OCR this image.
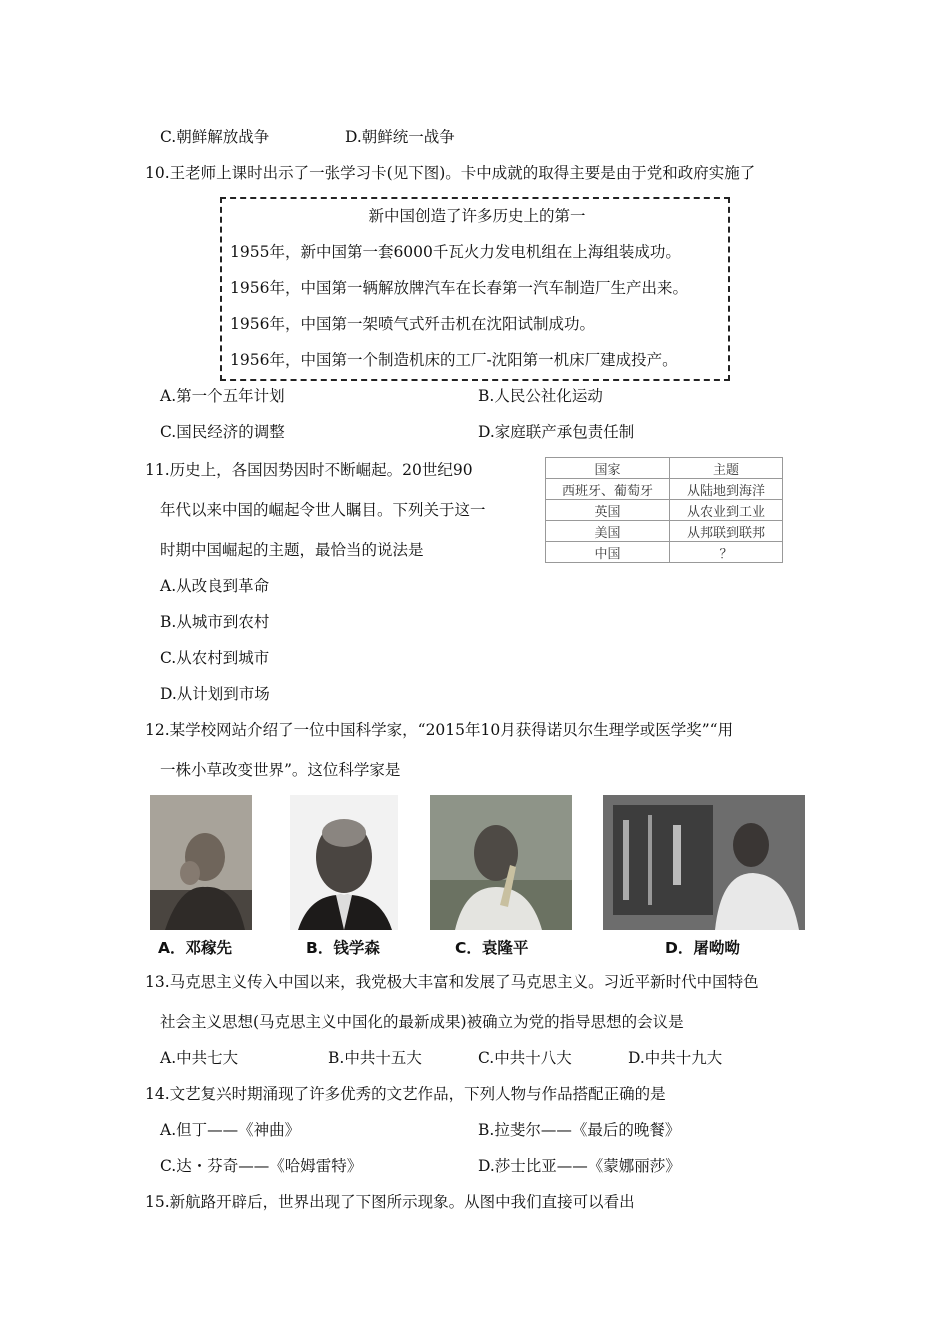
C.朝鲜解放战争	D.朝鲜统一战争
10.王老师上课时出示了一张学习卡(见下图)。卡中成就的取得主要是由于党和政府实施了
新中国创造了许多历史上的第一
1955年，新中国第一套6000千瓦火力发电机组在上海组装成功。
1956年，中国第一辆解放牌汽车在长春第一汽车制造厂生产出来。
1956年，中国第一架喷气式歼击机在沈阳试制成功。
1956年，中国第一个制造机床的工厂-沈阳第一机床厂建成投产。
A.第一个五年计划	B.人民公社化运动
C.国民经济的调整	D.家庭联产承包责任制
11.历史上，各国因势因时不断崛起。20世纪90
年代以来中国的崛起令世人瞩目。下列关于这一
时期中国崛起的主题，最恰当的说法是
国家	主题
西班牙、葡萄牙	从陆地到海洋
英国	从农业到工业
美国	从邦联到联邦
中国	？
A.从改良到革命
B.从城市到农村
C.从农村到城市
D.从计划到市场
12.某学校网站介绍了一位中国科学家，“2015年10月获得诺贝尔生理学或医学奖”“用
一株小草改变世界”。这位科学家是
A．邓稼先	B．钱学森	C．袁隆平	D．屠呦呦
13.马克思主义传入中国以来，我党极大丰富和发展了马克思主义。习近平新时代中国特色
社会主义思想(马克思主义中国化的最新成果)被确立为党的指导思想的会议是
A.中共七大	B.中共十五大	C.中共十八大	D.中共十九大
14.文艺复兴时期涌现了许多优秀的文艺作品，下列人物与作品搭配正确的是
A.但丁——《神曲》	B.拉斐尔——《最后的晚餐》
C.达・芬奇——《哈姆雷特》	D.莎士比亚——《蒙娜丽莎》
15.新航路开辟后，世界出现了下图所示现象。从图中我们直接可以看出
